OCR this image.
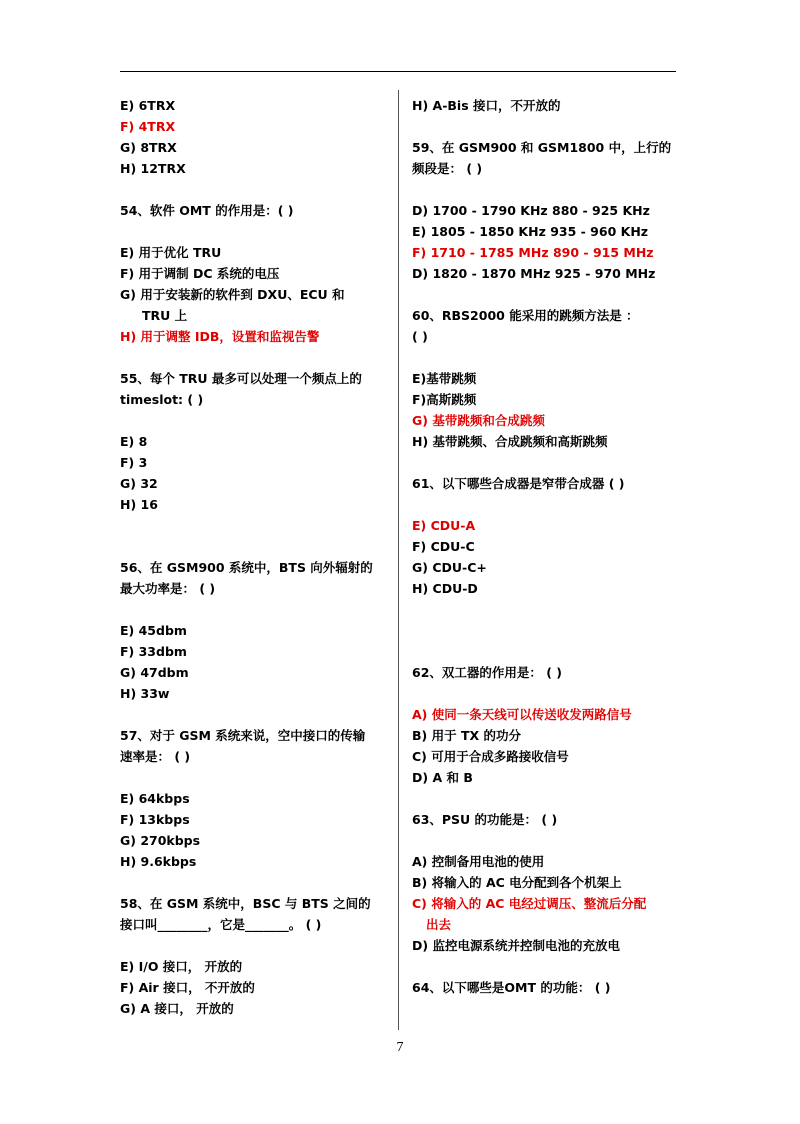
E) 6TRX
F) 4TRX
G) 8TRX
H) 12TRX
54、软件 OMT 的作用是：( )
E) 用于优化 TRU
F) 用于调制 DC 系统的电压
G) 用于安装新的软件到 DXU、ECU 和
TRU 上
H) 用于调整 IDB，设置和监视告警
55、每个 TRU 最多可以处理一个频点上的
timeslot: ( )
E) 8
F) 3
G) 32
H) 16
56、在 GSM900 系统中，BTS 向外辐射的
最大功率是： ( )
E) 45dbm
F) 33dbm
G) 47dbm
H) 33w
57、对于 GSM 系统来说，空中接口的传输
速率是： ( )
E) 64kbps
F) 13kbps
G) 270kbps
H) 9.6kbps
58、在 GSM 系统中，BSC 与 BTS 之间的
接口叫________，它是_______。 ( )
E) I/O 接口， 开放的
F) Air 接口， 不开放的
G) A 接口， 开放的
H) A-Bis 接口，不开放的
59、在 GSM900 和 GSM1800 中，上行的
频段是： ( )
D) 1700 - 1790 KHz 880 - 925 KHz
E) 1805 - 1850 KHz 935 - 960 KHz
F) 1710 - 1785 MHz 890 - 915 MHz
D) 1820 - 1870 MHz 925 - 970 MHz
60、RBS2000 能采用的跳频方法是 ：
( )
E)基带跳频
F)高斯跳频
G) 基带跳频和合成跳频
H) 基带跳频、合成跳频和高斯跳频
61、以下哪些合成器是窄带合成器 ( )
E) CDU-A
F) CDU-C
G) CDU-C+
H) CDU-D
62、双工器的作用是： ( )
A) 使同一条天线可以传送收发两路信号
B) 用于 TX 的功分
C) 可用于合成多路接收信号
D) A 和 B
63、PSU 的功能是： ( )
A) 控制备用电池的使用
B) 将输入的 AC 电分配到各个机架上
C) 将输入的 AC 电经过调压、整流后分配
出去
D) 监控电源系统并控制电池的充放电
64、以下哪些是OMT 的功能： ( )
7
